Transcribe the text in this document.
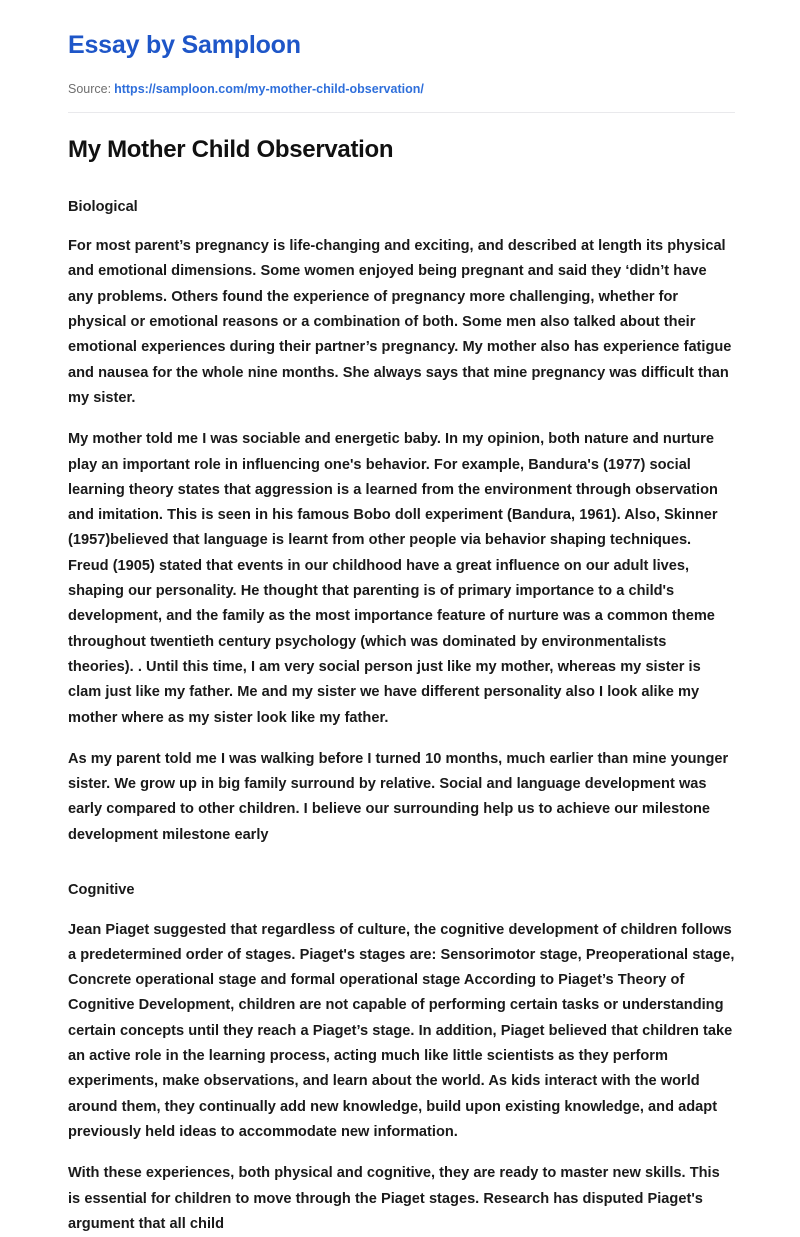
Essay by Samploon
Source: https://samploon.com/my-mother-child-observation/
My Mother Child Observation
Biological

For most parent’s pregnancy is life-changing and exciting, and described at length its physical and emotional dimensions. Some women enjoyed being pregnant and said they ‘didn’t have any problems. Others found the experience of pregnancy more challenging, whether for physical or emotional reasons or a combination of both. Some men also talked about their emotional experiences during their partner’s pregnancy. My mother also has experience fatigue and nausea for the whole nine months. She always says that mine pregnancy was difficult than my sister.

My mother told me I was sociable and energetic baby. In my opinion, both nature and nurture play an important role in influencing one's behavior. For example, Bandura's (1977) social learning theory states that aggression is a learned from the environment through observation and imitation. This is seen in his famous Bobo doll experiment (Bandura, 1961). Also, Skinner (1957)believed that language is learnt from other people via behavior shaping techniques. Freud (1905) stated that events in our childhood have a great influence on our adult lives, shaping our personality. He thought that parenting is of primary importance to a child's development, and the family as the most importance feature of nurture was a common theme throughout twentieth century psychology (which was dominated by environmentalists theories). . Until this time, I am very social person just like my mother, whereas my sister is clam just like my father. Me and my sister we have different personality also I look alike my mother where as my sister look like my father.

As my parent told me I was walking before I turned 10 months, much earlier than mine younger sister. We grow up in big family surround by relative. Social and language development was early compared to other children. I believe our surrounding help us to achieve our milestone development milestone early

Cognitive

Jean Piaget suggested that regardless of culture, the cognitive development of children follows a predetermined order of stages. Piaget's stages are: Sensorimotor stage, Preoperational stage, Concrete operational stage and formal operational stage According to Piaget’s Theory of Cognitive Development, children are not capable of performing certain tasks or understanding certain concepts until they reach a Piaget’s stage. In addition, Piaget believed that children take an active role in the learning process, acting much like little scientists as they perform experiments, make observations, and learn about the world. As kids interact with the world around them, they continually add new knowledge, build upon existing knowledge, and adapt previously held ideas to accommodate new information.

With these experiences, both physical and cognitive, they are ready to master new skills. This is essential for children to move through the Piaget stages. Research has disputed Piaget's argument that all child
